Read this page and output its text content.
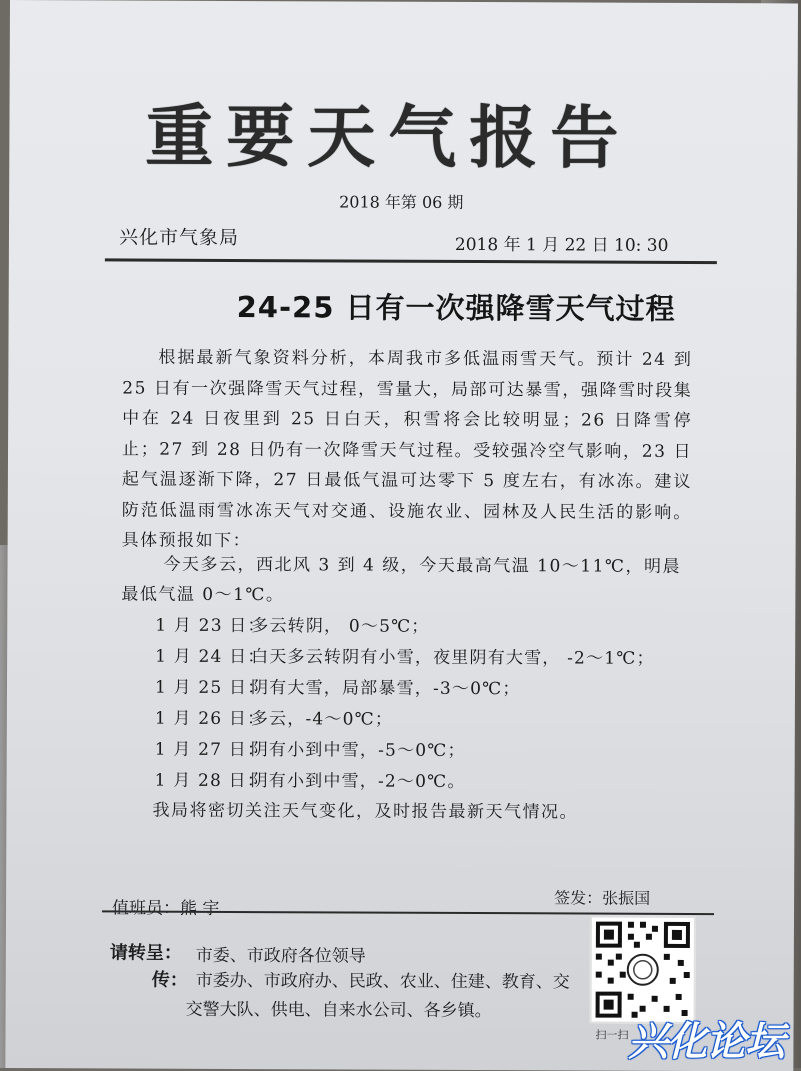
重要天气报告
2018 年第 06 期
兴化市气象局	2018 年 1 月 22 日 10: 30
24-25 日有一次强降雪天气过程
根据最新气象资料分析，本周我市多低温雨雪天气。预计 24 到 25 日有一次强降雪天气过程，雪量大，局部可达暴雪，强降雪时段集中在 24 日夜里到 25 日白天，积雪将会比较明显；26 日降雪停止；27 到 28 日仍有一次降雪天气过程。受较强冷空气影响，23 日起气温逐渐下降，27 日最低气温可达零下 5 度左右，有冰冻。建议防范低温雨雪冰冻天气对交通、设施农业、园林及人民生活的影响。具体预报如下：
今天多云，西北风 3 到 4 级，今天最高气温 10～11℃，明晨最低气温 0～1℃。
1 月 23 日：多云转阴， 0～5℃；
1 月 24 日：白天多云转阴有小雪，夜里阴有大雪， -2～1℃；
1 月 25 日：阴有大雪，局部暴雪，-3～0℃；
1 月 26 日：多云，-4～0℃；
1 月 27 日：阴有小到中雪，-5～0℃；
1 月 28 日：阴有小到中雪，-2～0℃。
我局将密切关注天气变化，及时报告最新天气情况。
值班员：熊 宇
签发：张振国
请转呈： 市委、市政府各位领导
传： 市委办、市政府办、民政、农业、住建、教育、交
交警大队、供电、自来水公司、各乡镇。
扫一扫 兴化论坛
